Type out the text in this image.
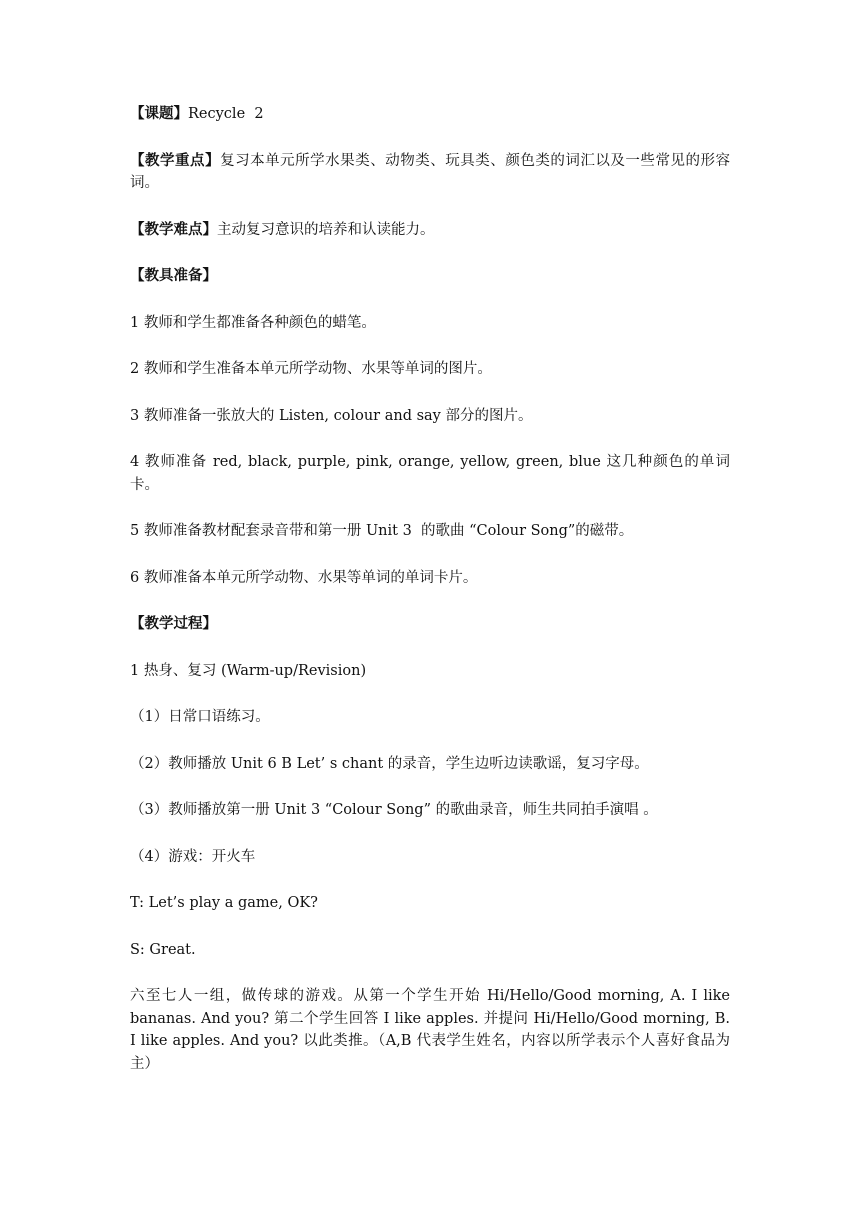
【课题】Recycle  2

【教学重点】复习本单元所学水果类、动物类、玩具类、颜色类的词汇以及一些常见的形容词。

【教学难点】主动复习意识的培养和认读能力。

【教具准备】

1 教师和学生都准备各种颜色的蜡笔。

2 教师和学生准备本单元所学动物、水果等单词的图片。

3 教师准备一张放大的 Listen, colour and say 部分的图片。

4 教师准备 red, black, purple, pink, orange, yellow, green, blue 这几种颜色的单词卡。

5 教师准备教材配套录音带和第一册 Unit 3  的歌曲 “Colour Song”的磁带。

6 教师准备本单元所学动物、水果等单词的单词卡片。

【教学过程】

1 热身、复习 (Warm-up/Revision)

（1）日常口语练习。

（2）教师播放 Unit 6 B Let’ s chant 的录音，学生边听边读歌谣，复习字母。

（3）教师播放第一册 Unit 3 “Colour Song” 的歌曲录音，师生共同拍手演唱 。

（4）游戏：开火车

T: Let’s play a game, OK?

S: Great.

六至七人一组，做传球的游戏。从第一个学生开始 Hi/Hello/Good morning, A. I like bananas. And you? 第二个学生回答 I like apples. 并提问 Hi/Hello/Good morning, B. I like apples. And you? 以此类推。（A,B 代表学生姓名，内容以所学表示个人喜好食品为主）
